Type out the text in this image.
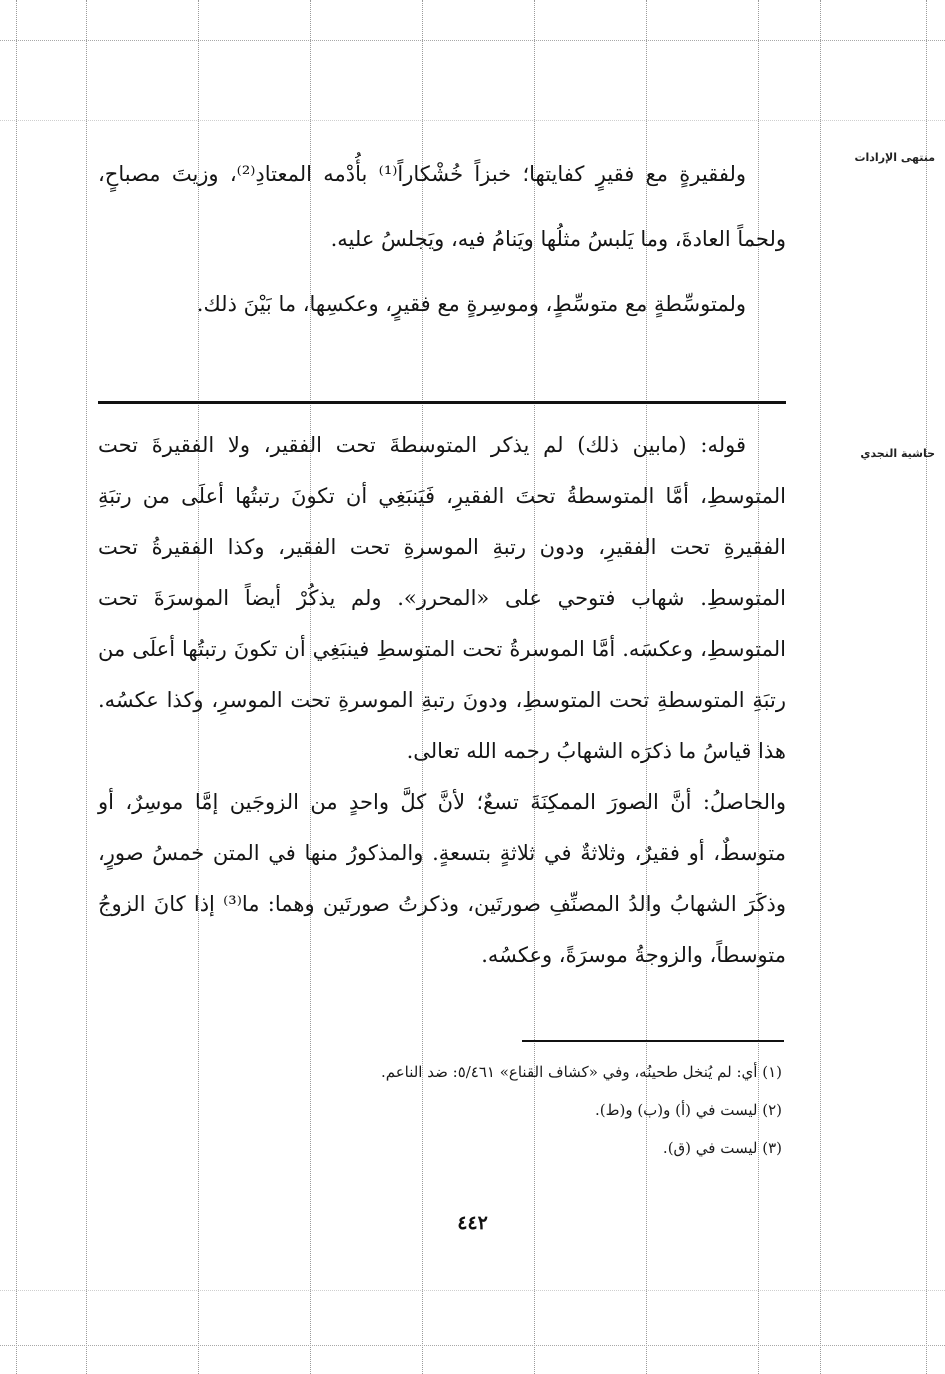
منتهى الإرادات
حاشية النجدي

ولفقيرةٍ مع فقيرٍ كفايتها؛ خبزاً خُشْكاراً⁽¹⁾ بأُدْمه المعتادِ⁽²⁾، وزيتَ مصباحٍ، ولحماً العادةَ، وما يَلبسُ مثلُها ويَنامُ فيه، ويَجلسُ عليه.

ولمتوسِّطةٍ مع متوسِّطٍ، وموسِرةٍ مع فقيرٍ، وعكسِها، ما بَيْنَ ذلك.

قوله: (مابين ذلك) لم يذكر المتوسطةَ تحت الفقير، ولا الفقيرةَ تحت المتوسطِ، أمَّا المتوسطةُ تحتَ الفقيرِ، فَيَنبَغِي أن تكونَ رتبتُها أعلَى من رتبَةِ الفقيرةِ تحت الفقيرِ، ودون رتبةِ الموسرةِ تحت الفقير، وكذا الفقيرةُ تحت المتوسطِ. شهاب فتوحي على «المحرر». ولم يذكُرْ أيضاً الموسرَةَ تحت المتوسطِ، وعكسَه. أمَّا الموسرةُ تحت المتوسطِ فينبَغِي أن تكونَ رتبتُها أعلَى من رتبَةِ المتوسطةِ تحت المتوسطِ، ودونَ رتبةِ الموسرةِ تحت الموسرِ، وكذا عكسُه. هذا قياسُ ما ذكرَه الشهابُ رحمه الله تعالى.

والحاصلُ: أنَّ الصورَ الممكِنَةَ تسعٌ؛ لأنَّ كلَّ واحدٍ من الزوجَين إمَّا موسِرٌ، أو متوسطٌ، أو فقيرٌ، وثلاثةٌ في ثلاثةٍ بتسعةٍ. والمذكورُ منها في المتن خمسُ صورٍ، وذكَرَ الشهابُ والدُ المصنِّفِ صورتَين، وذكرتُ صورتَين وهما: ما⁽³⁾ إذا كانَ الزوجُ متوسطاً، والزوجةُ موسرَةً، وعكسُه.

(١) أي: لم يُنخل طحينُه، وفي «كشاف القناع» ٥/٤٦١: ضد الناعم.

(٢) ليست في (أ) و(ب) و(ط).

(٣) ليست في (ق).

٤٤٢
